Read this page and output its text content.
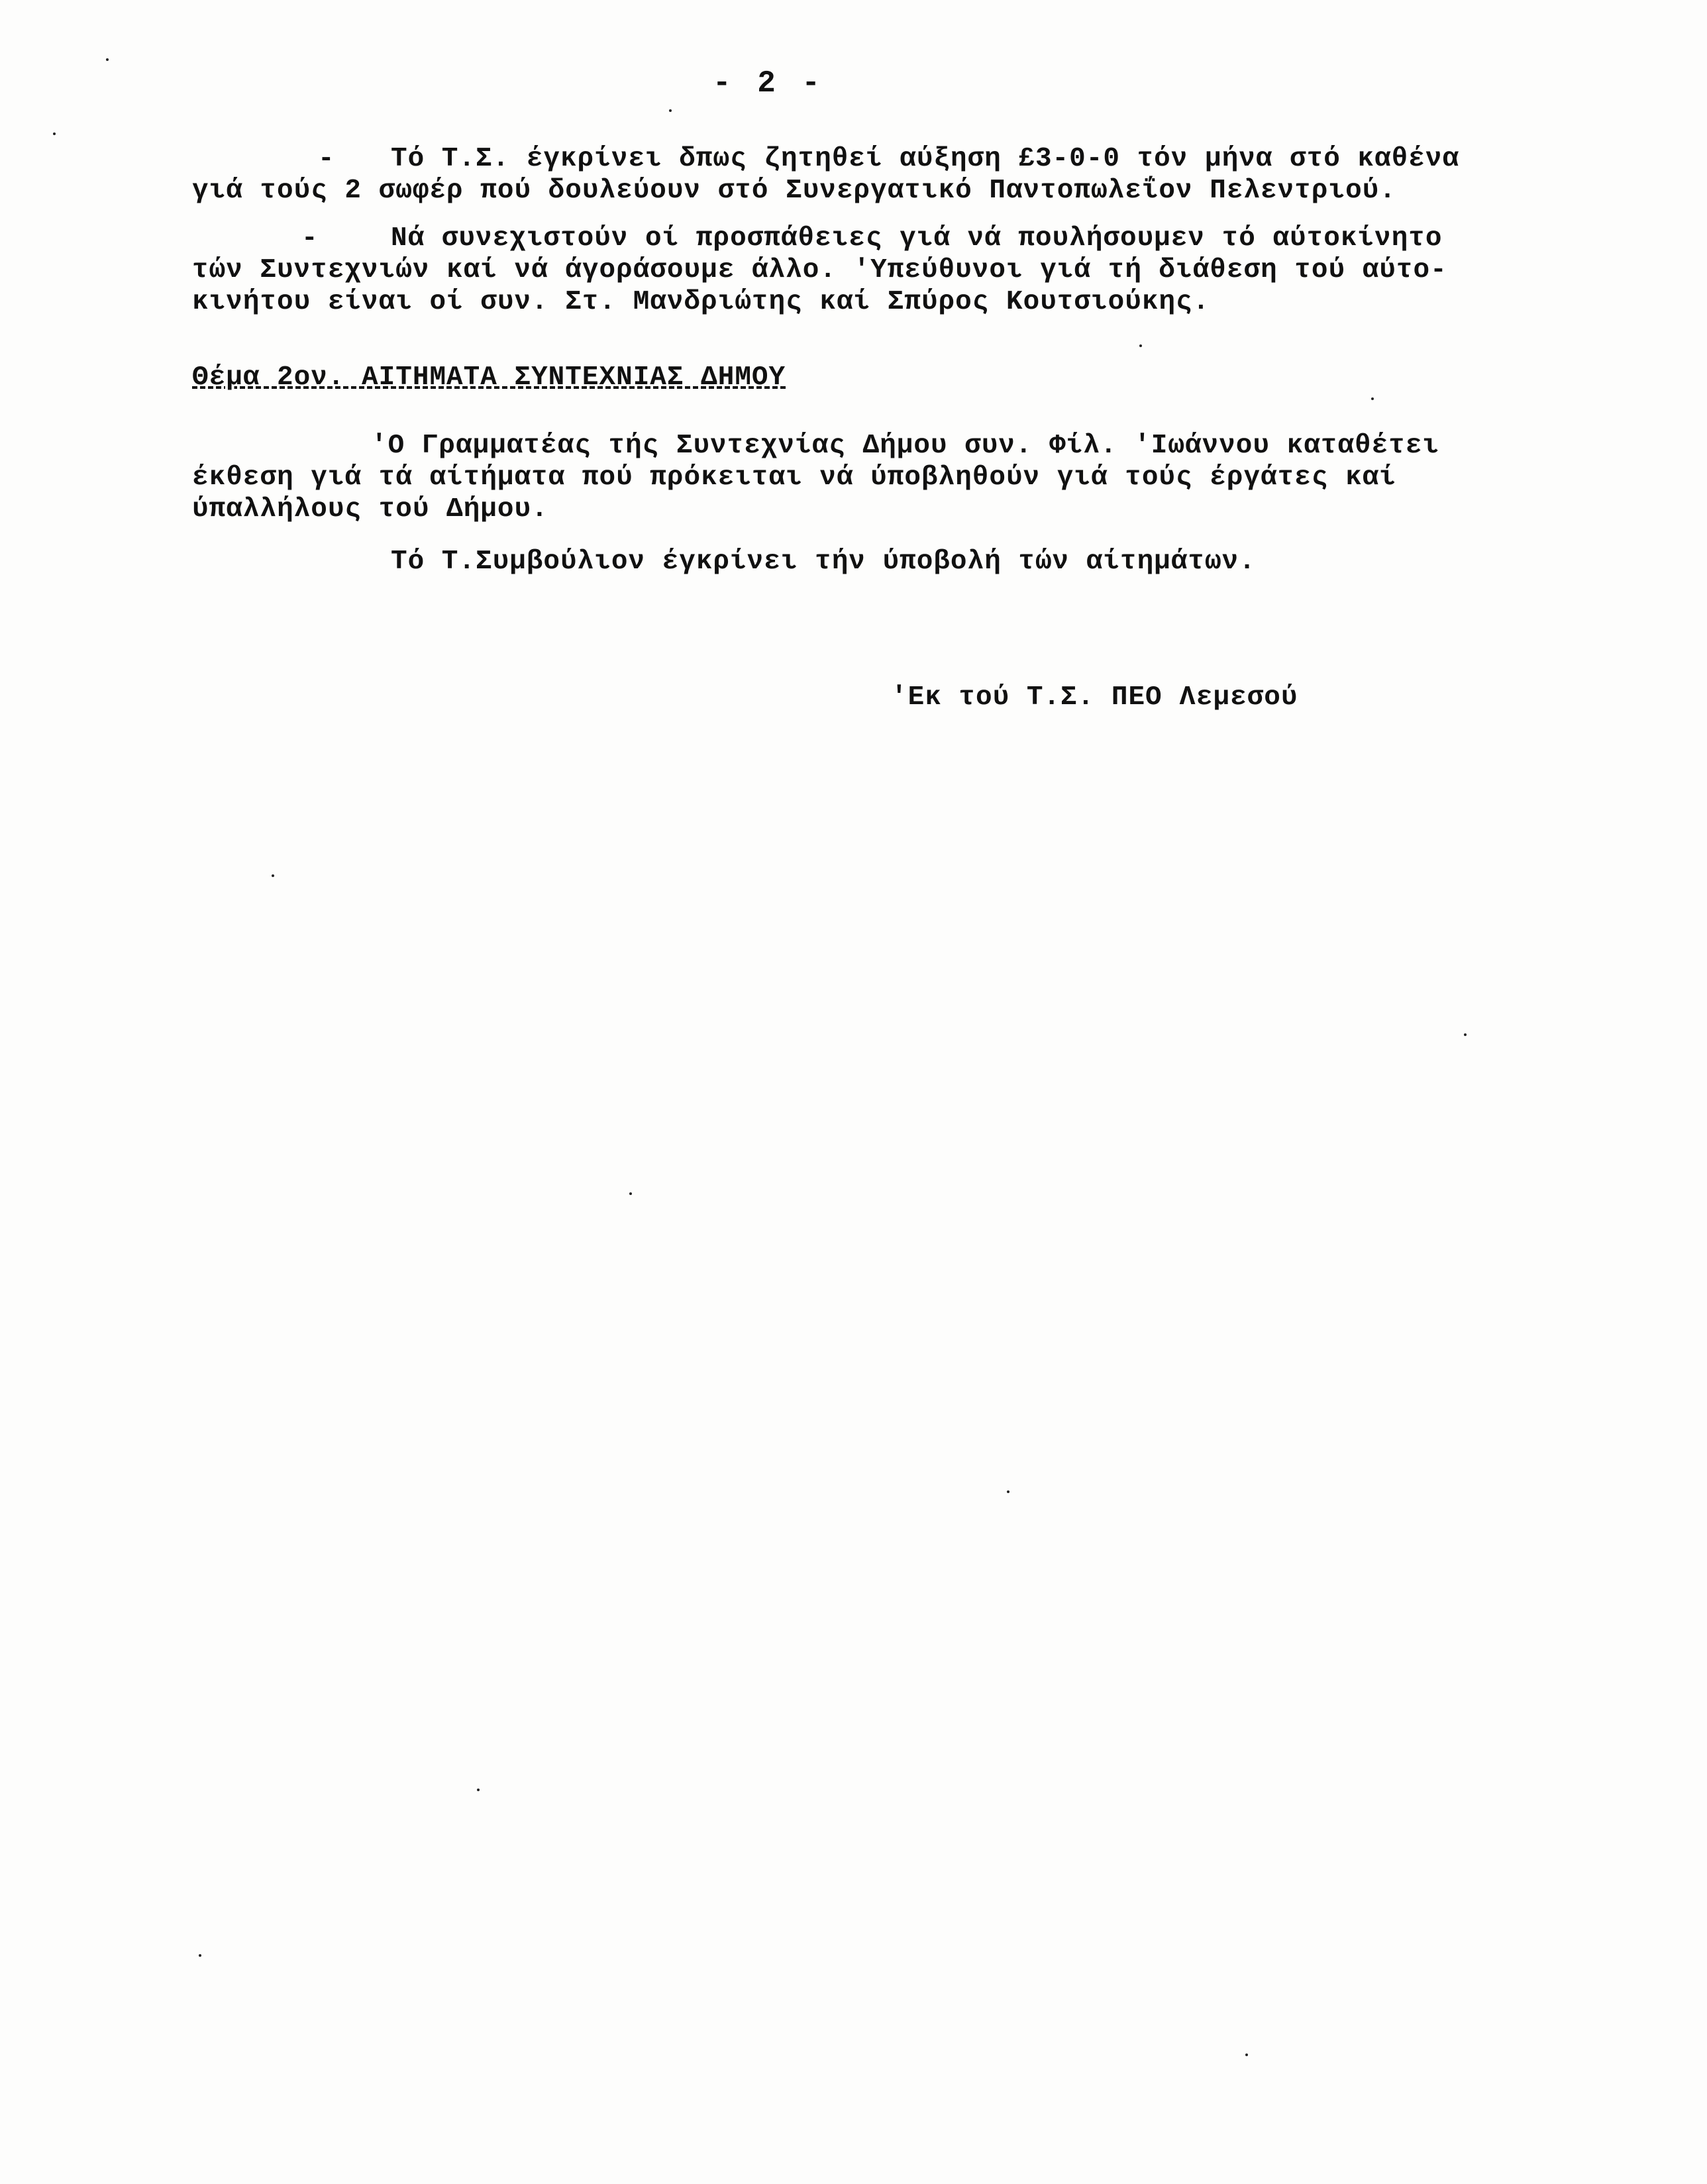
- 2 -
- Τό Τ.Σ. έγκρίνει δπως ζητηθεί αύξηση £3-0-0 τόν μήνα στό καθένα
γιά τούς 2 σωφέρ πού δουλεύουν στό Συνεργατικό Παντοπωλεΐον Πελεντριού.
-	Νά συνεχιστούν οί προσπάθειες γιά νά πουλήσουμεν τό αύτοκίνητο
τών Συντεχνιών καί νά άγοράσουμε άλλο. 'Υπεύθυνοι γιά τή διάθεση τού αύτο-
κινήτου είναι οί συν. Στ. Μανδριώτης καί Σπύρος Κουτσιούκης.
Θέμα 2ον. ΑΙΤΗΜΑΤΑ ΣΥΝΤΕΧΝΙΑΣ ΔΗΜΟΥ
'Ο Γραμματέας τής Συντεχνίας Δήμου συν. Φίλ. 'Ιωάννου καταθέτει
έκθεση γιά τά αίτήματα πού πρόκειται νά ύποβληθούν γιά τούς έργάτες καί
ύπαλλήλους τού Δήμου.
Τό Τ.Συμβούλιον έγκρίνει τήν ύποβολή τών αίτημάτων.
'Εκ τού Τ.Σ. ΠΕΟ Λεμεσού
